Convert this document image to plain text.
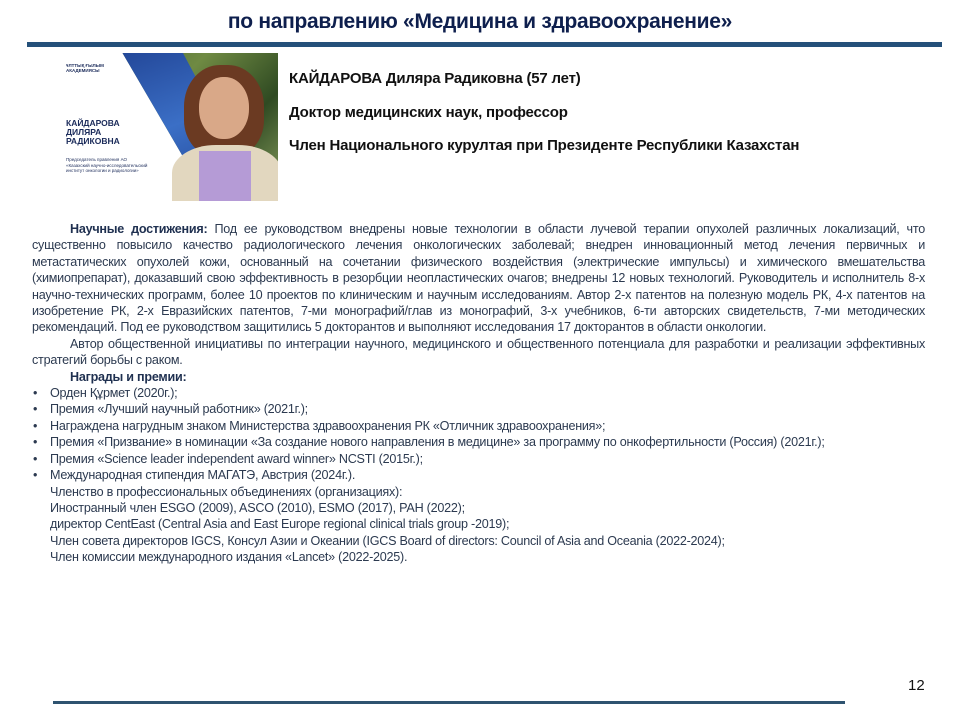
по направлению «Медицина и здравоохранение»
ҰЛТТЫҚ ҒЫЛЫМ АКАДЕМИЯСЫ
КАЙДАРОВА
ДИЛЯРА
РАДИКОВНА
Председатель правления АО «Казахский научно-исследовательский институт онкологии и радиологии»
КАЙДАРОВА Диляра Радиковна (57 лет)
Доктор медицинских наук, профессор
Член Национального курултая при Президенте Республики Казахстан

Научные достижения: Под ее руководством внедрены новые технологии в области лучевой терапии опухолей различных локализаций, что существенно повысило качество радиологического лечения онкологических заболевай; внедрен инновационный метод лечения первичных и метастатических опухолей кожи, основанный на сочетании физического воздействия (электрические импульсы) и химического вмешательства (химиопрепарат), доказавший свою эффективность в резорбции неопластических очагов; внедрены 12 новых технологий. Руководитель и исполнитель 8-х научно-технических программ, более 10 проектов по клиническим и научным исследованиям. Автор 2-х патентов на полезную модель РК, 4-х патентов на изобретение РК, 2-х Евразийских патентов, 7-ми монографий/глав из монографий, 3-х учебников, 6-ти авторских свидетельств, 7-ми методических рекомендаций. Под ее руководством защитились 5 докторантов и выполняют исследования 17 докторантов в области онкологии.

Автор общественной инициативы по интеграции научного, медицинского и общественного потенциала для разработки и реализации эффективных стратегий борьбы с раком.

Награды и премии:
• Орден Құрмет (2020г.);
• Премия «Лучший научный работник» (2021г.);
• Награждена нагрудным знаком Министерства здравоохранения РК «Отличник здравоохранения»;
• Премия «Призвание» в номинации «За создание нового направления в медицине» за программу по онкофертильности (Россия) (2021г.);
• Премия «Science leader independent award winner» NCSTI (2015г.);
• Международная стипендия МАГАТЭ, Австрия (2024г.).
Членство в профессиональных объединениях (организациях):
Иностранный член ESGO (2009), ASCO (2010), ESMO (2017), РАН (2022);
директор CentEast (Central Asia and East Europe regional clinical trials group -2019);
Член совета директоров IGCS, Консул Азии и Океании (IGCS Board of directors: Council of Asia and Oceania (2022-2024);
Член комиссии международного издания «Lancet» (2022-2025).
12
